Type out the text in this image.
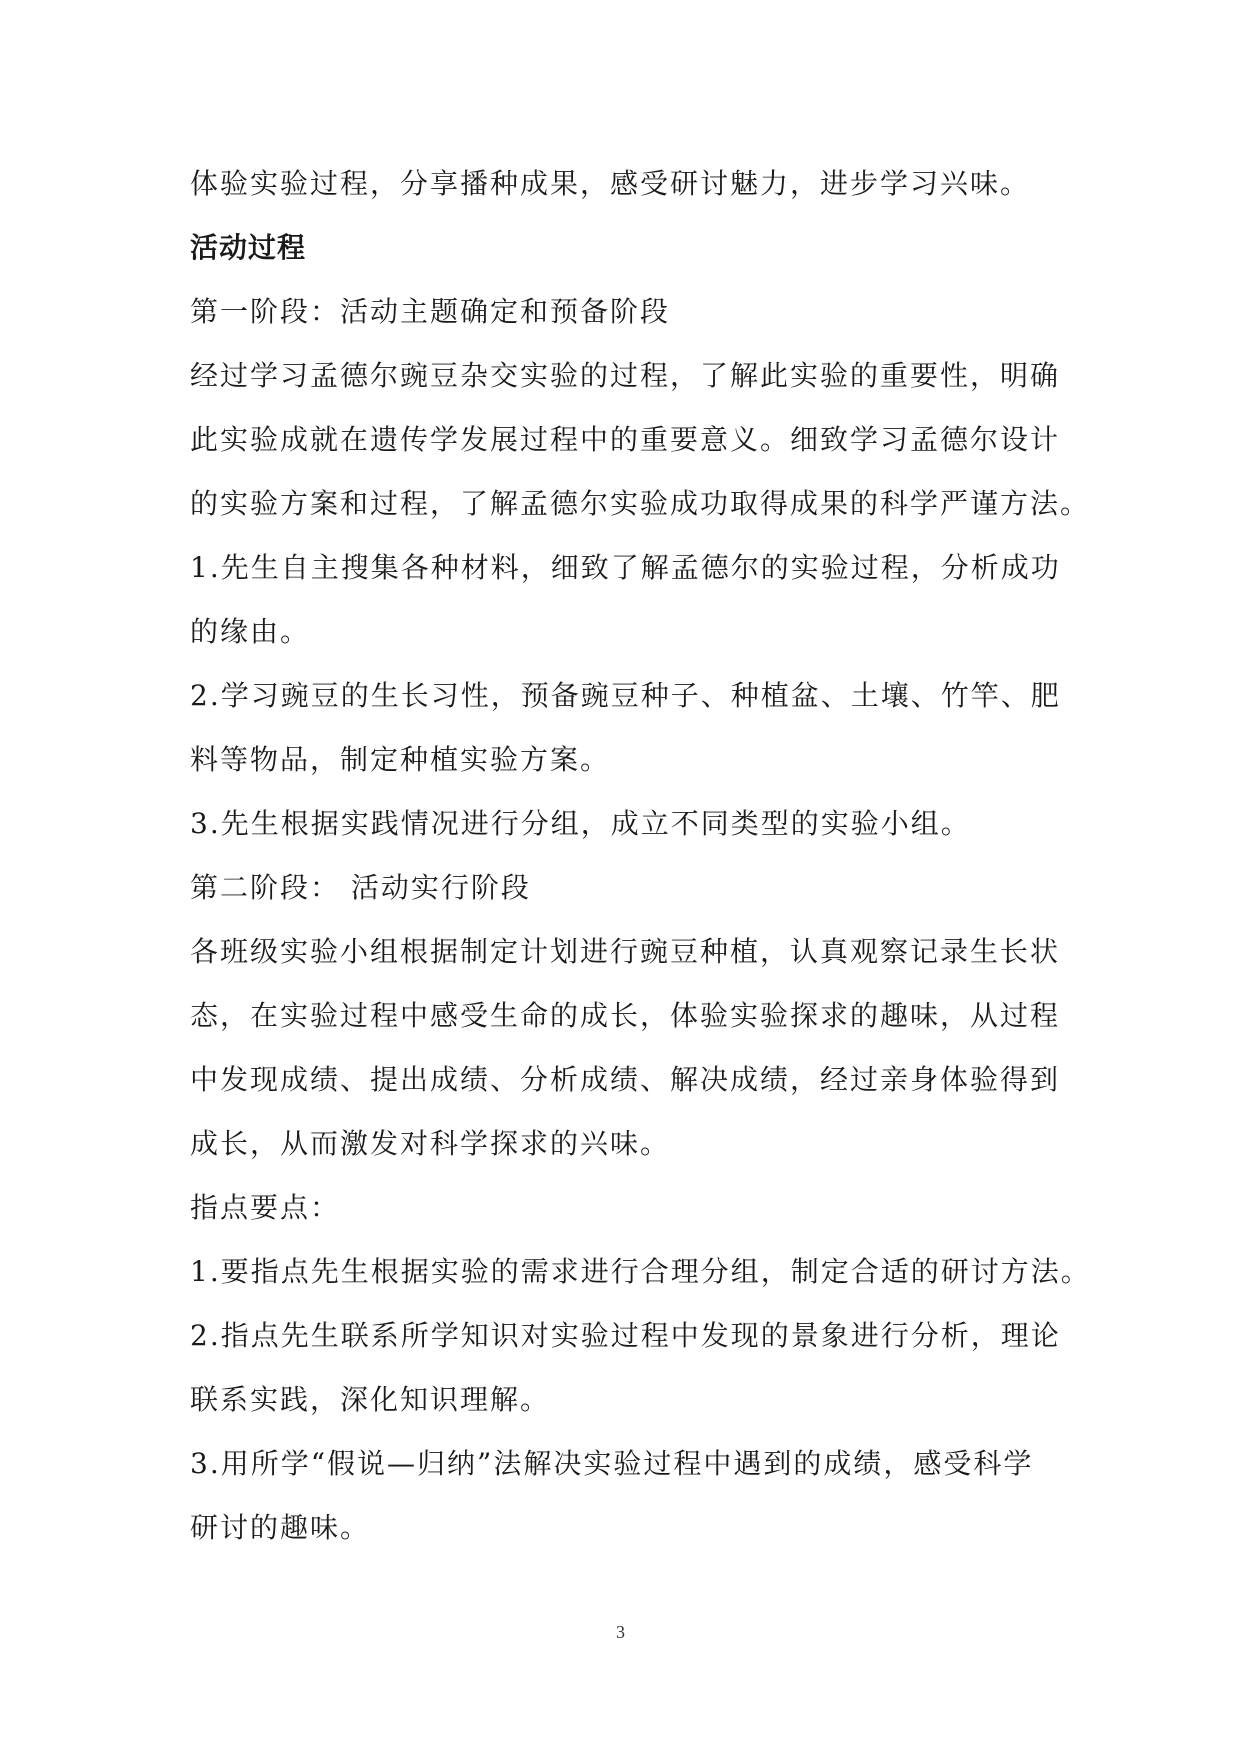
体验实验过程，分享播种成果，感受研讨魅力，进步学习兴味。
活动过程
第一阶段：活动主题确定和预备阶段
经过学习孟德尔豌豆杂交实验的过程，了解此实验的重要性，明确
此实验成就在遗传学发展过程中的重要意义。细致学习孟德尔设计
的实验方案和过程，了解孟德尔实验成功取得成果的科学严谨方法。
1.先生自主搜集各种材料，细致了解孟德尔的实验过程，分析成功
的缘由。
2.学习豌豆的生长习性，预备豌豆种子、种植盆、土壤、竹竿、肥
料等物品，制定种植实验方案。
3.先生根据实践情况进行分组，成立不同类型的实验小组。
第二阶段： 活动实行阶段
各班级实验小组根据制定计划进行豌豆种植，认真观察记录生长状
态，在实验过程中感受生命的成长，体验实验探求的趣味，从过程
中发现成绩、提出成绩、分析成绩、解决成绩，经过亲身体验得到
成长，从而激发对科学探求的兴味。
指点要点：
1.要指点先生根据实验的需求进行合理分组，制定合适的研讨方法。
2.指点先生联系所学知识对实验过程中发现的景象进行分析，理论
联系实践，深化知识理解。
3.用所学“假说—归纳”法解决实验过程中遇到的成绩，感受科学
研讨的趣味。
3
